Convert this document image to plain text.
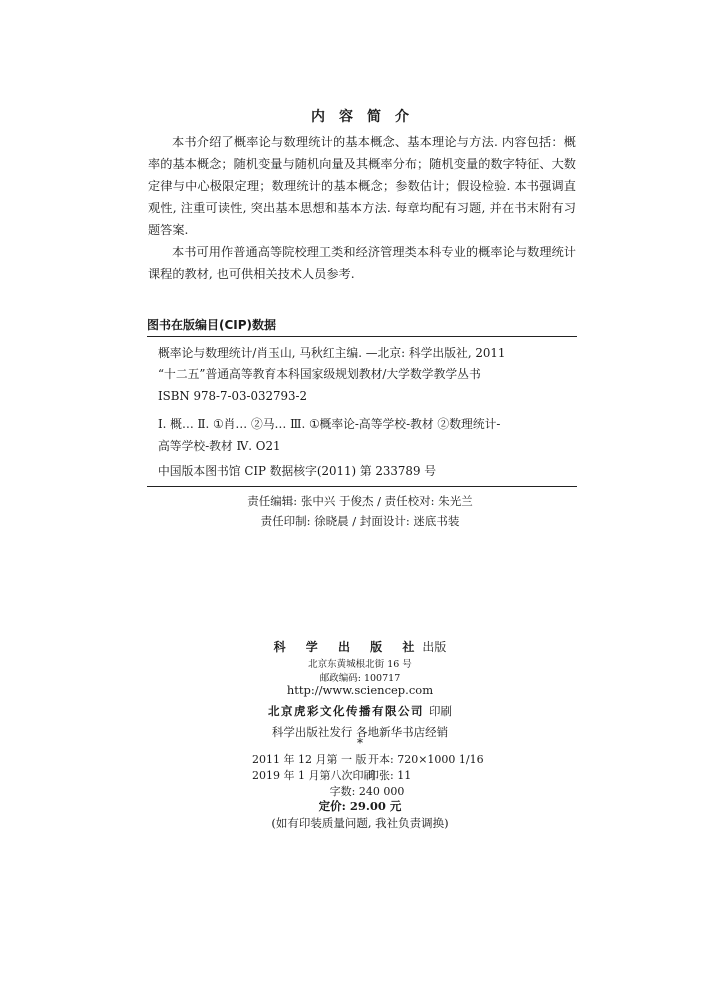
内容简介

本书介绍了概率论与数理统计的基本概念、基本理论与方法. 内容包括：概率的基本概念；随机变量与随机向量及其概率分布；随机变量的数字特征、大数定律与中心极限定理；数理统计的基本概念；参数估计；假设检验. 本书强调直观性, 注重可读性, 突出基本思想和基本方法. 每章均配有习题, 并在书末附有习题答案.

本书可用作普通高等院校理工类和经济管理类本科专业的概率论与数理统计课程的教材, 也可供相关技术人员参考.

图书在版编目(CIP)数据
概率论与数理统计/肖玉山, 马秋红主编. —北京: 科学出版社, 2011
“十二五”普通高等教育本科国家级规划教材/大学数学教学丛书
ISBN 978-7-03-032793-2
Ⅰ. 概… Ⅱ. ①肖… ②马… Ⅲ. ①概率论-高等学校-教材 ②数理统计-
高等学校-教材 Ⅳ. O21
中国版本图书馆 CIP 数据核字(2011) 第 233789 号
责任编辑: 张中兴 于俊杰 / 责任校对: 朱光兰
责任印制: 徐晓晨 / 封面设计: 迷底书装
科 学 出 版 社出版
北京东黄城根北街 16 号
邮政编码: 100717
http://www.sciencep.com
北京虎彩文化传播有限公司 印刷
科学出版社发行 各地新华书店经销
*
2011 年 12 月第 一 版 开本: 720×1000 1/16
2019 年 1 月第八次印刷印张: 11
字数: 240 000
定价: 29.00 元
(如有印装质量问题, 我社负责调换)
